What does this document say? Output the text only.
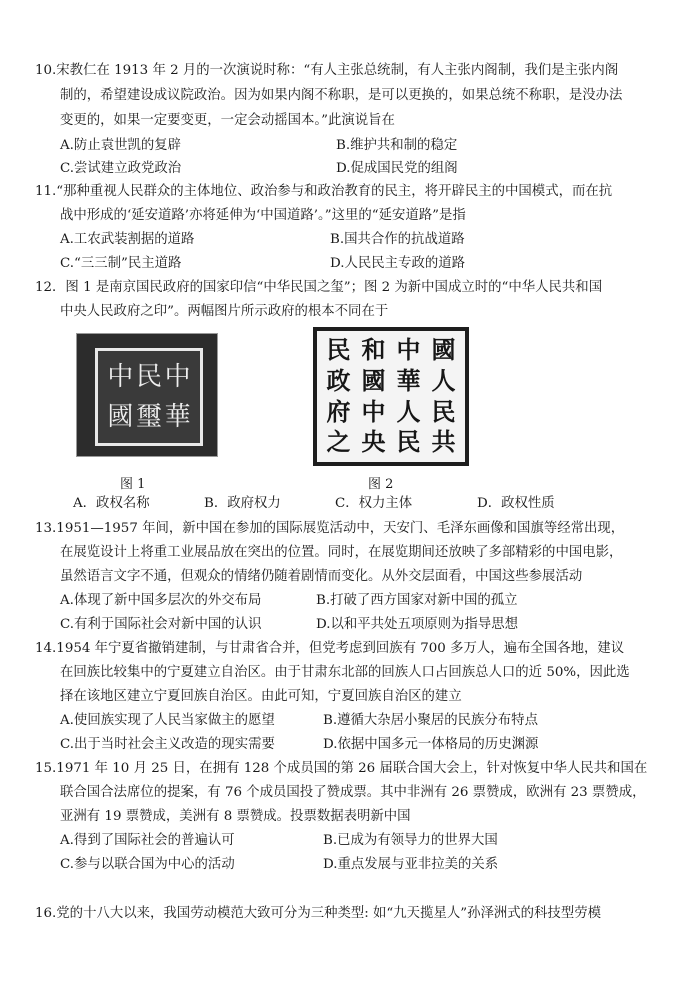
10.宋教仁在 1913 年 2 月的一次演说时称：“有人主张总统制，有人主张内阁制，我们是主张内阁
制的，希望建设成议院政治。因为如果内阁不称职，是可以更换的，如果总统不称职，是没办法
变更的，如果一定要变更，一定会动摇国本。”此演说旨在
A.防止袁世凯的复辟	B.维护共和制的稳定
C.尝试建立政党政治	D.促成国民党的组阁
11.“那种重视人民群众的主体地位、政治参与和政治教育的民主，将开辟民主的中国模式，而在抗
战中形成的‘延安道路’亦将延伸为‘中国道路’。”这里的“延安道路”是指
A.工农武装割据的道路	B.国共合作的抗战道路
C.“三三制”民主道路	D.人民民主专政的道路
12．图 1 是南京国民政府的国家印信“中华民国之玺”；图 2 为新中国成立时的“中华人民共和国
中央人民政府之印”。两幅图片所示政府的根本不同在于
中 民 中
國 璽 華
民 和 中 國
政 國 華 人
府 中 人 民
之 央 民 共
图 1	图 2
A．政权名称	B．政府权力	C．权力主体	D．政权性质
13.1951—1957 年间，新中国在参加的国际展览活动中，天安门、毛泽东画像和国旗等经常出现，
在展览设计上将重工业展品放在突出的位置。同时，在展览期间还放映了多部精彩的中国电影，
虽然语言文字不通，但观众的情绪仍随着剧情而变化。从外交层面看，中国这些参展活动
A.体现了新中国多层次的外交布局	B.打破了西方国家对新中国的孤立
C.有利于国际社会对新中国的认识	D.以和平共处五项原则为指导思想
14.1954 年宁夏省撤销建制，与甘肃省合并，但党考虑到回族有 700 多万人，遍布全国各地，建议
在回族比较集中的宁夏建立自治区。由于甘肃东北部的回族人口占回族总人口的近 50%，因此选
择在该地区建立宁夏回族自治区。由此可知，宁夏回族自治区的建立
A.使回族实现了人民当家做主的愿望	B.遵循大杂居小聚居的民族分布特点
C.出于当时社会主义改造的现实需要	D.依据中国多元一体格局的历史渊源
15.1971 年 10 月 25 日，在拥有 128 个成员国的第 26 届联合国大会上，针对恢复中华人民共和国在
联合国合法席位的提案，有 76 个成员国投了赞成票。其中非洲有 26 票赞成，欧洲有 23 票赞成，
亚洲有 19 票赞成，美洲有 8 票赞成。投票数据表明新中国
A.得到了国际社会的普遍认可	B.已成为有领导力的世界大国
C.参与以联合国为中心的活动	D.重点发展与亚非拉美的关系
16.党的十八大以来，我国劳动模范大致可分为三种类型: 如“九天揽星人”孙泽洲式的科技型劳模
